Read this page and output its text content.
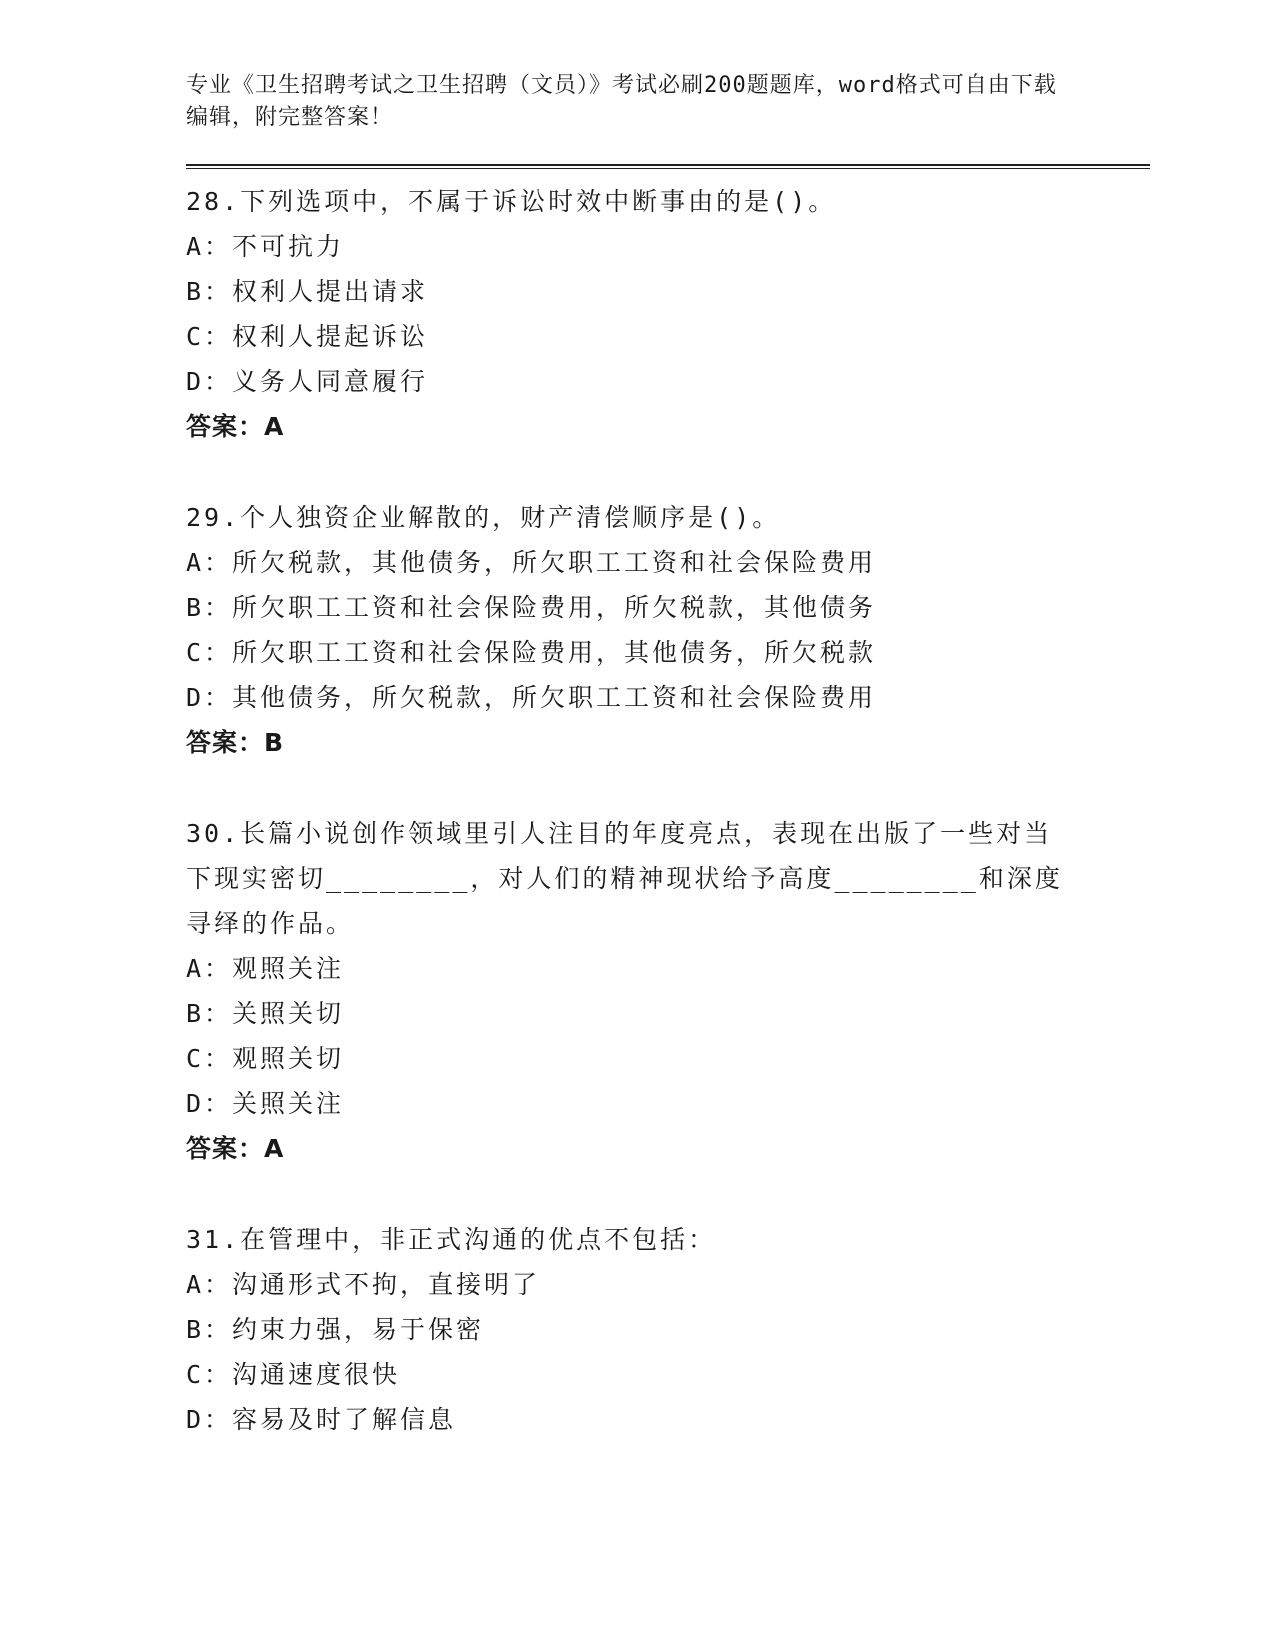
专业《卫生招聘考试之卫生招聘（文员）》考试必刷200题题库，word格式可自由下载编辑，附完整答案！
28.下列选项中，不属于诉讼时效中断事由的是()。
A：不可抗力
B：权利人提出请求
C：权利人提起诉讼
D：义务人同意履行
答案：A
29.个人独资企业解散的，财产清偿顺序是()。
A：所欠税款，其他债务，所欠职工工资和社会保险费用
B：所欠职工工资和社会保险费用，所欠税款，其他债务
C：所欠职工工资和社会保险费用，其他债务，所欠税款
D：其他债务，所欠税款，所欠职工工资和社会保险费用
答案：B
30.长篇小说创作领域里引人注目的年度亮点，表现在出版了一些对当下现实密切________，对人们的精神现状给予高度________和深度寻绎的作品。
A：观照关注
B：关照关切
C：观照关切
D：关照关注
答案：A
31.在管理中，非正式沟通的优点不包括：
A：沟通形式不拘，直接明了
B：约束力强，易于保密
C：沟通速度很快
D：容易及时了解信息
